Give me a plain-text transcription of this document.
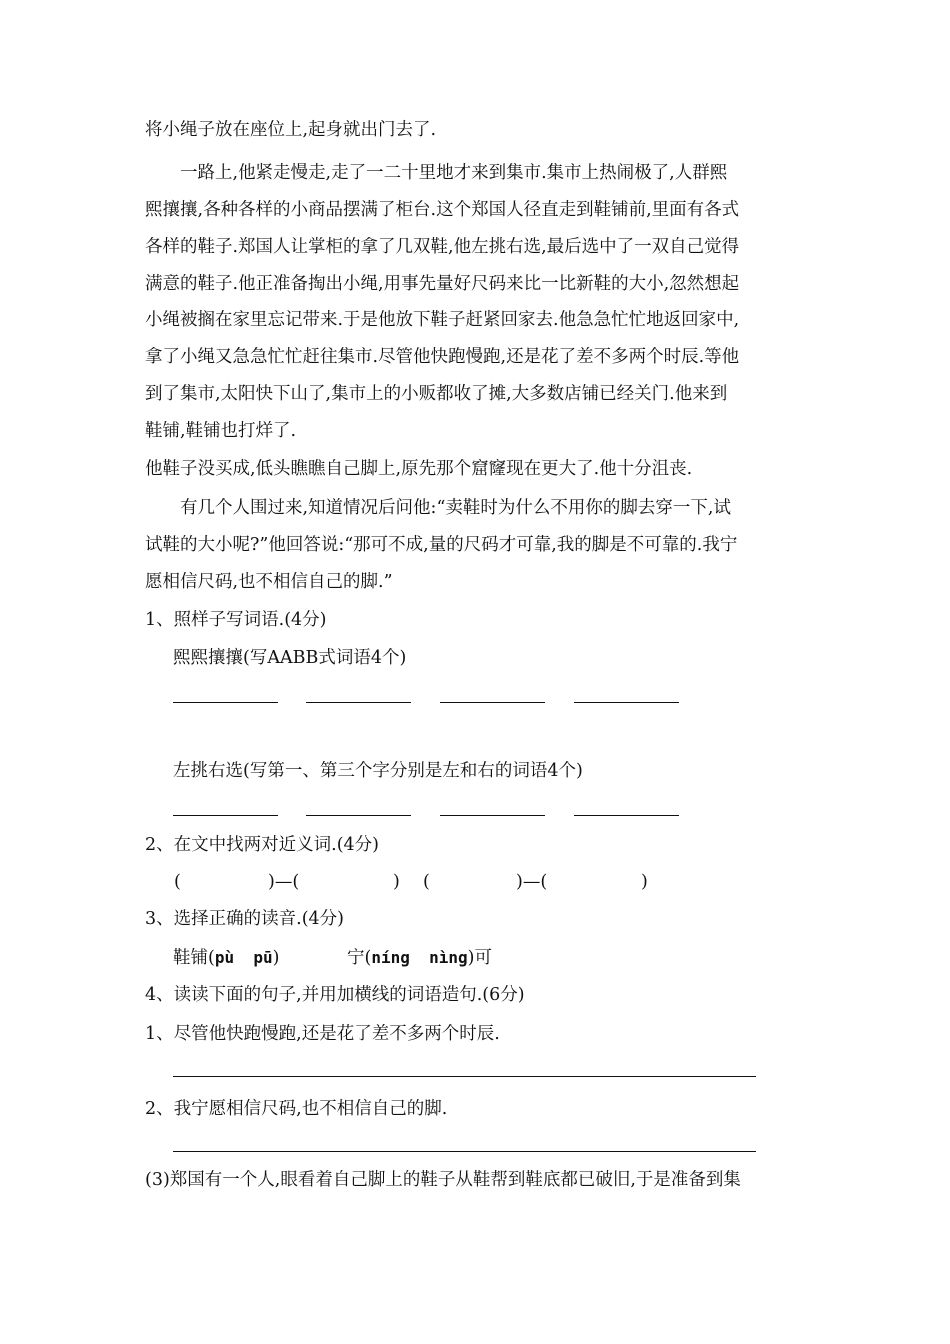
将小绳子放在座位上,起身就出门去了.
一路上,他紧走慢走,走了一二十里地才来到集市.集市上热闹极了,人群熙
熙攘攘,各种各样的小商品摆满了柜台.这个郑国人径直走到鞋铺前,里面有各式
各样的鞋子.郑国人让掌柜的拿了几双鞋,他左挑右选,最后选中了一双自己觉得
满意的鞋子.他正准备掏出小绳,用事先量好尺码来比一比新鞋的大小,忽然想起
小绳被搁在家里忘记带来.于是他放下鞋子赶紧回家去.他急急忙忙地返回家中,
拿了小绳又急急忙忙赶往集市.尽管他快跑慢跑,还是花了差不多两个时辰.等他
到了集市,太阳快下山了,集市上的小贩都收了摊,大多数店铺已经关门.他来到
鞋铺,鞋铺也打烊了.
他鞋子没买成,低头瞧瞧自己脚上,原先那个窟窿现在更大了.他十分沮丧.
有几个人围过来,知道情况后问他:“卖鞋时为什么不用你的脚去穿一下,试
试鞋的大小呢?”他回答说:“那可不成,量的尺码才可靠,我的脚是不可靠的.我宁
愿相信尺码,也不相信自己的脚.”
1、照样子写词语.(4分)
熙熙攘攘(写AABB式词语4个)
左挑右选(写第一、第三个字分别是左和右的词语4个)
2、在文中找两对近义词.(4分)
(	)—(	) (	)—(	)
3、选择正确的读音.(4分)
鞋铺(pù  pū)	宁(níng  nìng)可
4、读读下面的句子,并用加横线的词语造句.(6分)
1、尽管他快跑慢跑,还是花了差不多两个时辰.
2、我宁愿相信尺码,也不相信自己的脚.
(3)郑国有一个人,眼看着自己脚上的鞋子从鞋帮到鞋底都已破旧,于是准备到集
